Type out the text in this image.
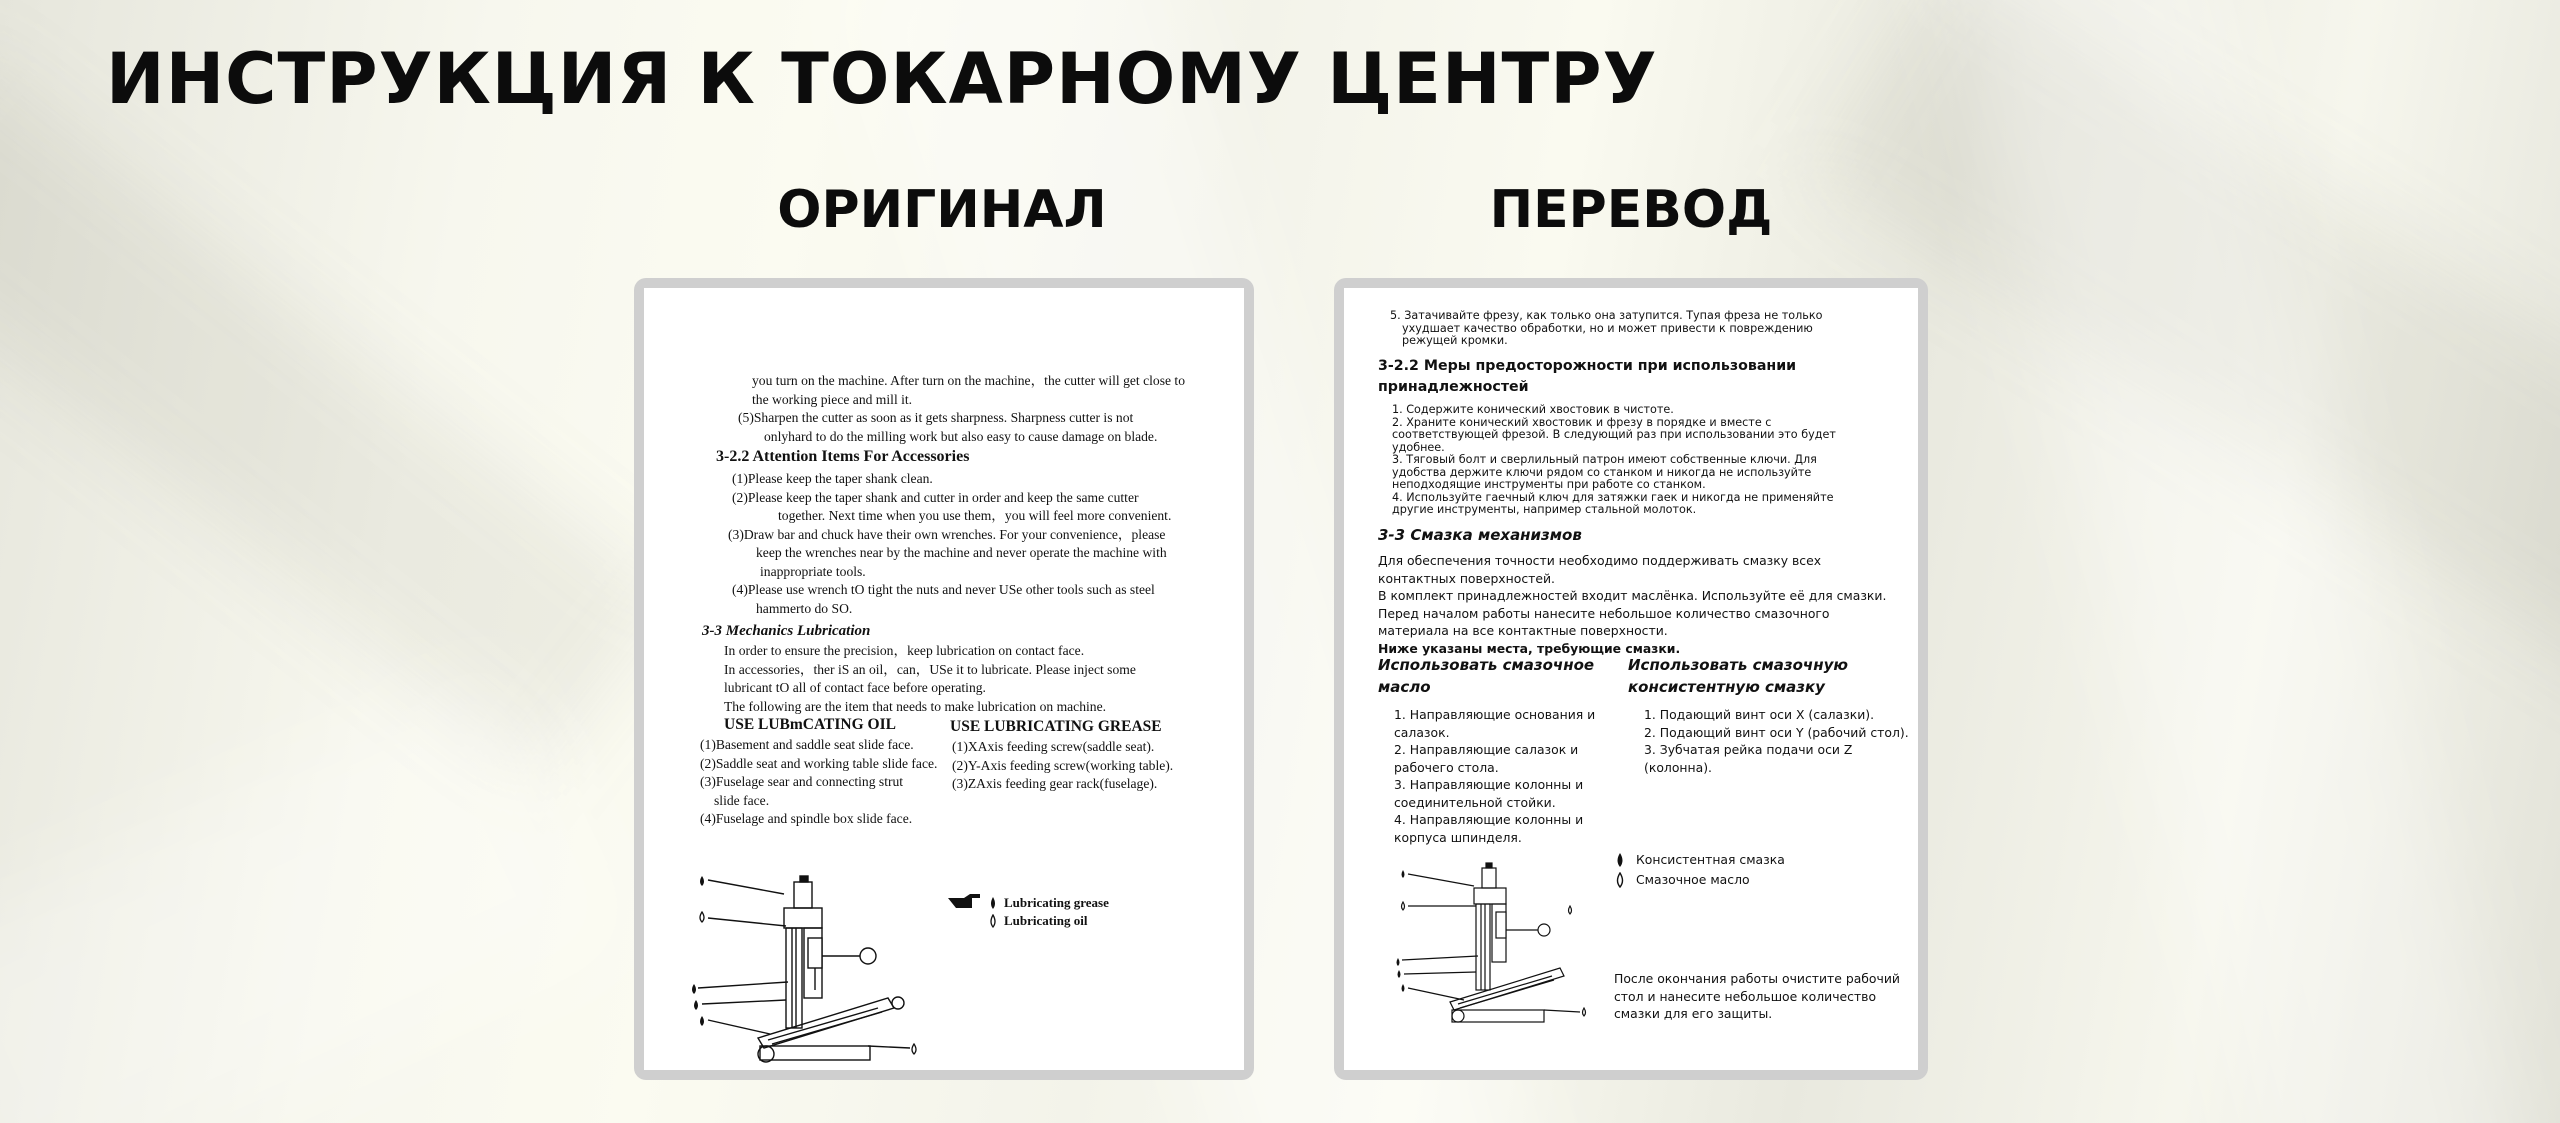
ИНСТРУКЦИЯ К ТОКАРНОМУ ЦЕНТРУ
ОРИГИНАЛ	ПЕРЕВОД

you turn on the machine. After turn on the machine，the cutter will get close to

the working piece and mill it.

(5)Sharpen the cutter as soon as it gets sharpness. Sharpness cutter is not

onlyhard to do the milling work but also easy to cause damage on blade.

3-2.2 Attention Items For Accessories

(1)Please keep the taper shank clean.

(2)Please keep the taper shank and cutter in order and keep the same cutter

together. Next time when you use them，you will feel more convenient.

(3)Draw bar and chuck have their own wrenches. For your convenience，please

keep the wrenches near by the machine and never operate the machine with

inappropriate tools.

(4)Please use wrench tO tight the nuts and never USe other tools such as steel

hammerto do SO.

3-3 Mechanics Lubrication

In order to ensure the precision，keep lubrication on contact face.

In accessories，ther iS an oil，can，USe it to lubricate. Please inject some

lubricant tO all of contact face before operating.

The following are the item that needs to make lubrication on machine.

USE LUBmCATING OIL

(1)Basement and saddle seat slide face.

(2)Saddle seat and working table slide face.

(3)Fuselage sear and connecting strut

slide face.

(4)Fuselage and spindle box slide face.

USE LUBRICATING GREASE

(1)XAxis feeding screw(saddle seat).

(2)Y-Axis feeding screw(working table).

(3)ZAxis feeding gear rack(fuselage).

Lubricating grease
Lubricating oil
5. Затачивайте фрезу, как только она затупится. Тупая фреза не только
ухудшает качество обработки, но и может привести к повреждению
режущей кромки.
3-2.2 Меры предосторожности при использовании принадлежностей
1. Содержите конический хвостовик в чистоте.
2. Храните конический хвостовик и фрезу в порядке и вместе с соответствующей фрезой. В следующий раз при использовании это будет удобнее.
3. Тяговый болт и сверлильный патрон имеют собственные ключи. Для удобства держите ключи рядом со станком и никогда не используйте неподходящие инструменты при работе со станком.
4. Используйте гаечный ключ для затяжки гаек и никогда не применяйте другие инструменты, например стальной молоток.
3-3 Смазка механизмов
Для обеспечения точности необходимо поддерживать смазку всех контактных поверхностей.
В комплект принадлежностей входит маслёнка. Используйте её для смазки.
Перед началом работы нанесите небольшое количество смазочного материала на все контактные поверхности.
Ниже указаны места, требующие смазки.
Использовать смазочное масло
1. Направляющие основания и салазок.
2. Направляющие салазок и рабочего стола.
3. Направляющие колонны и соединительной стойки.
4. Направляющие колонны и корпуса шпинделя.
Использовать смазочную консистентную смазку
1. Подающий винт оси X (салазки).
2. Подающий винт оси Y (рабочий стол).
3. Зубчатая рейка подачи оси Z (колонна).
Консистентная смазка
Смазочное масло
После окончания работы очистите рабочий стол и нанесите небольшое количество смазки для его защиты.
